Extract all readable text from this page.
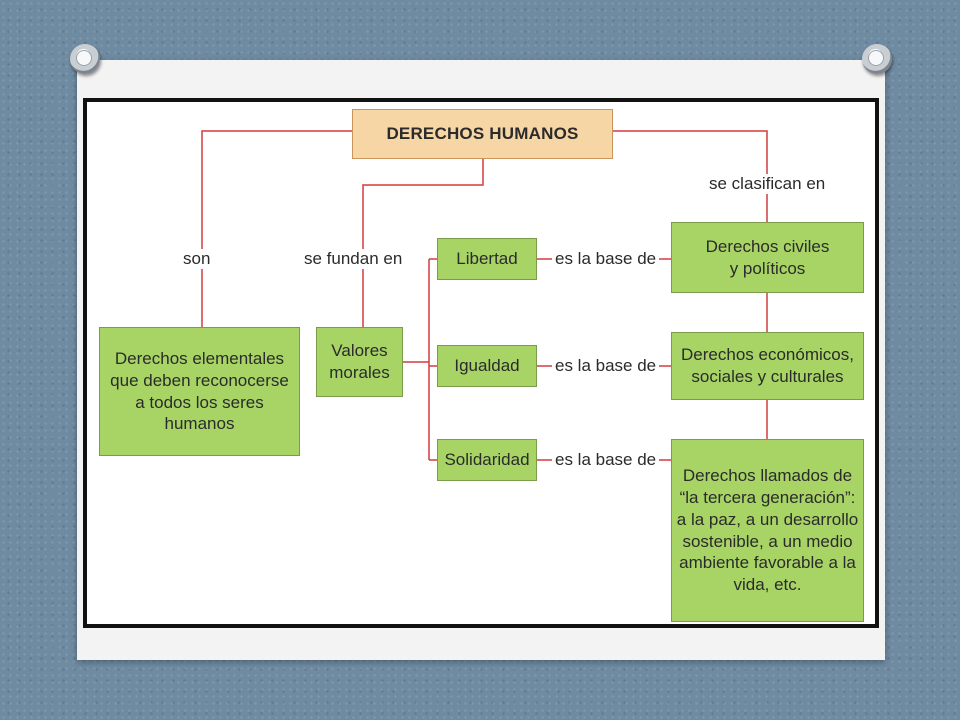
DERECHOS HUMANOS
son	se fundan en
se clasifican en
Derechos elementales
que deben reconocerse
a todos los seres
humanos
Valores
morales
Libertad
Igualdad
Solidaridad
es la base de
es la base de
es la base de
Derechos civiles
y políticos
Derechos económicos,
sociales y culturales
Derechos llamados de
“la tercera generación”:
a la paz, a un desarrollo
sostenible, a un medio
ambiente favorable a la
vida, etc.
